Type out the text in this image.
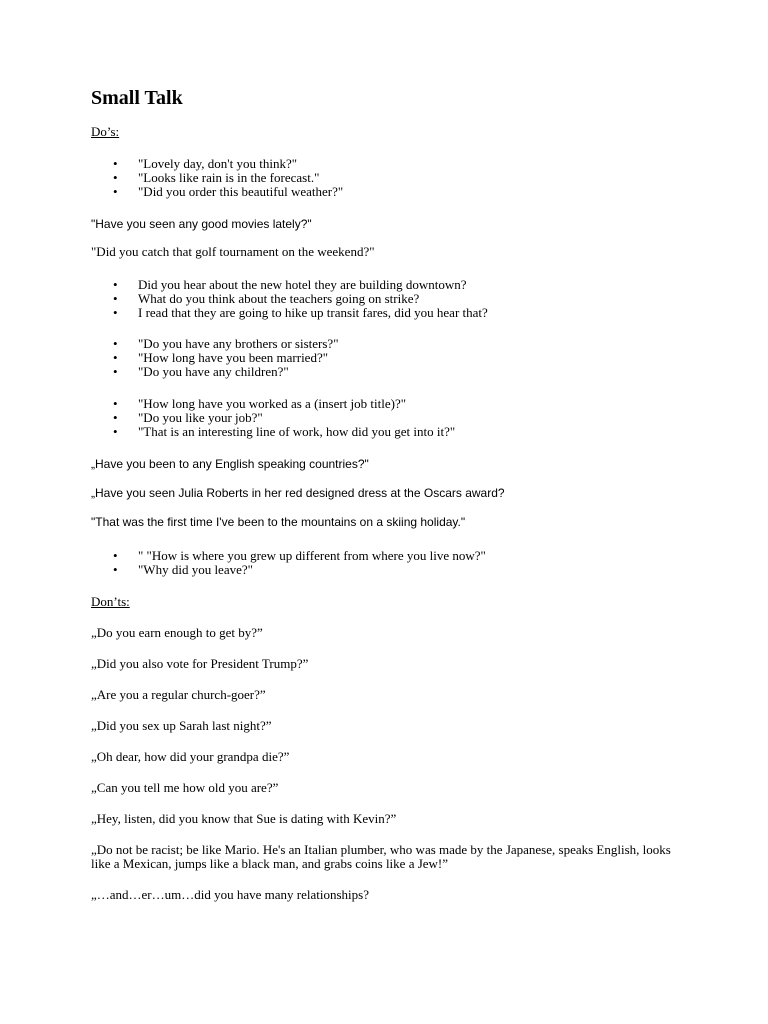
Small Talk
Do’s:
• "Lovely day, don't you think?"
• "Looks like rain is in the forecast."
• "Did you order this beautiful weather?"
"Have you seen any good movies lately?"
"Did you catch that golf tournament on the weekend?"
• Did you hear about the new hotel they are building downtown?
• What do you think about the teachers going on strike?
• I read that they are going to hike up transit fares, did you hear that?
• "Do you have any brothers or sisters?"
• "How long have you been married?"
• "Do you have any children?"
• "How long have you worked as a (insert job title)?"
• "Do you like your job?"
• "That is an interesting line of work, how did you get into it?"
„Have you been to any English speaking countries?"
„Have you seen Julia Roberts in her red designed dress at the Oscars award?
"That was the first time I've been to the mountains on a skiing holiday."
• " "How is where you grew up different from where you live now?"
• "Why did you leave?"
Don’ts:
„Do you earn enough to get by?”
„Did you also vote for President Trump?”
„Are you a regular church-goer?”
„Did you sex up Sarah last night?”
„Oh dear, how did your grandpa die?”
„Can you tell me how old you are?”
„Hey, listen, did you know that Sue is dating with Kevin?”

„Do not be racist; be like Mario. He's an Italian plumber, who was made by the Japanese, speaks English, looks like a Mexican, jumps like a black man, and grabs coins like a Jew!”

„…and…er…um…did you have many relationships?
